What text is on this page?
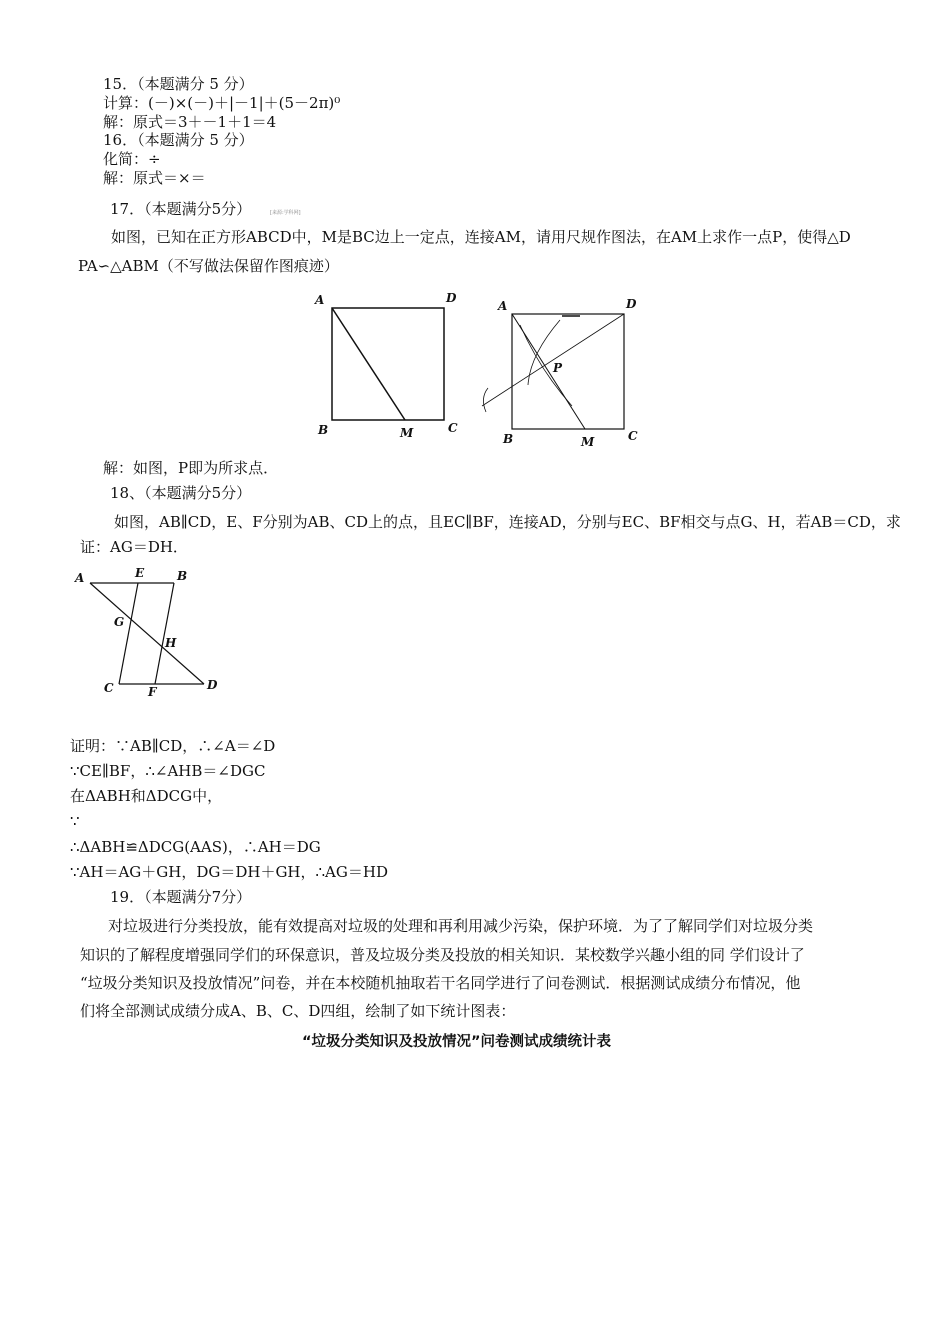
15．（本题满分 5 分）
计算：(－)×(－)＋|－1|＋(5－2π)⁰
解：原式＝3＋－1＋1＝4
16．（本题满分 5 分）
化简：÷
解：原式＝×＝
17．（本题满分5分）	[来源:学科网]
如图，已知在正方形ABCD中，M是BC边上一定点，连接AM，请用尺规作图法，在AM上求作一点P，使得△D
PA∽△ABM（不写做法保留作图痕迹）
A	D
B	M	C
A	D
P
B	M	C
解：如图，P即为所求点．
18、（本题满分5分）
如图，AB∥CD，E、F分别为AB、CD上的点，且EC∥BF，连接AD，分别与EC、BF相交与点G、H，若AB＝CD，求
证：AG＝DH．
A	E	B
G
H
C	F	D
证明：∵AB∥CD，∴∠A＝∠D
∵CE∥BF，∴∠AHB＝∠DGC
在ΔABH和ΔDCG中，
∵
∴ΔABH≌ΔDCG(AAS)，∴AH＝DG
∵AH＝AG＋GH，DG＝DH＋GH，∴AG＝HD
19．（本题满分7分）
对垃圾进行分类投放，能有效提高对垃圾的处理和再利用减少污染，保护环境．为了了解同学们对垃圾分类
知识的了解程度增强同学们的环保意识，普及垃圾分类及投放的相关知识．某校数学兴趣小组的同 学们设计了
“垃圾分类知识及投放情况”问卷，并在本校随机抽取若干名同学进行了问卷测试．根据测试成绩分布情况，他
们将全部测试成绩分成A、B、C、D四组，绘制了如下统计图表：
“垃圾分类知识及投放情况”问卷测试成绩统计表
